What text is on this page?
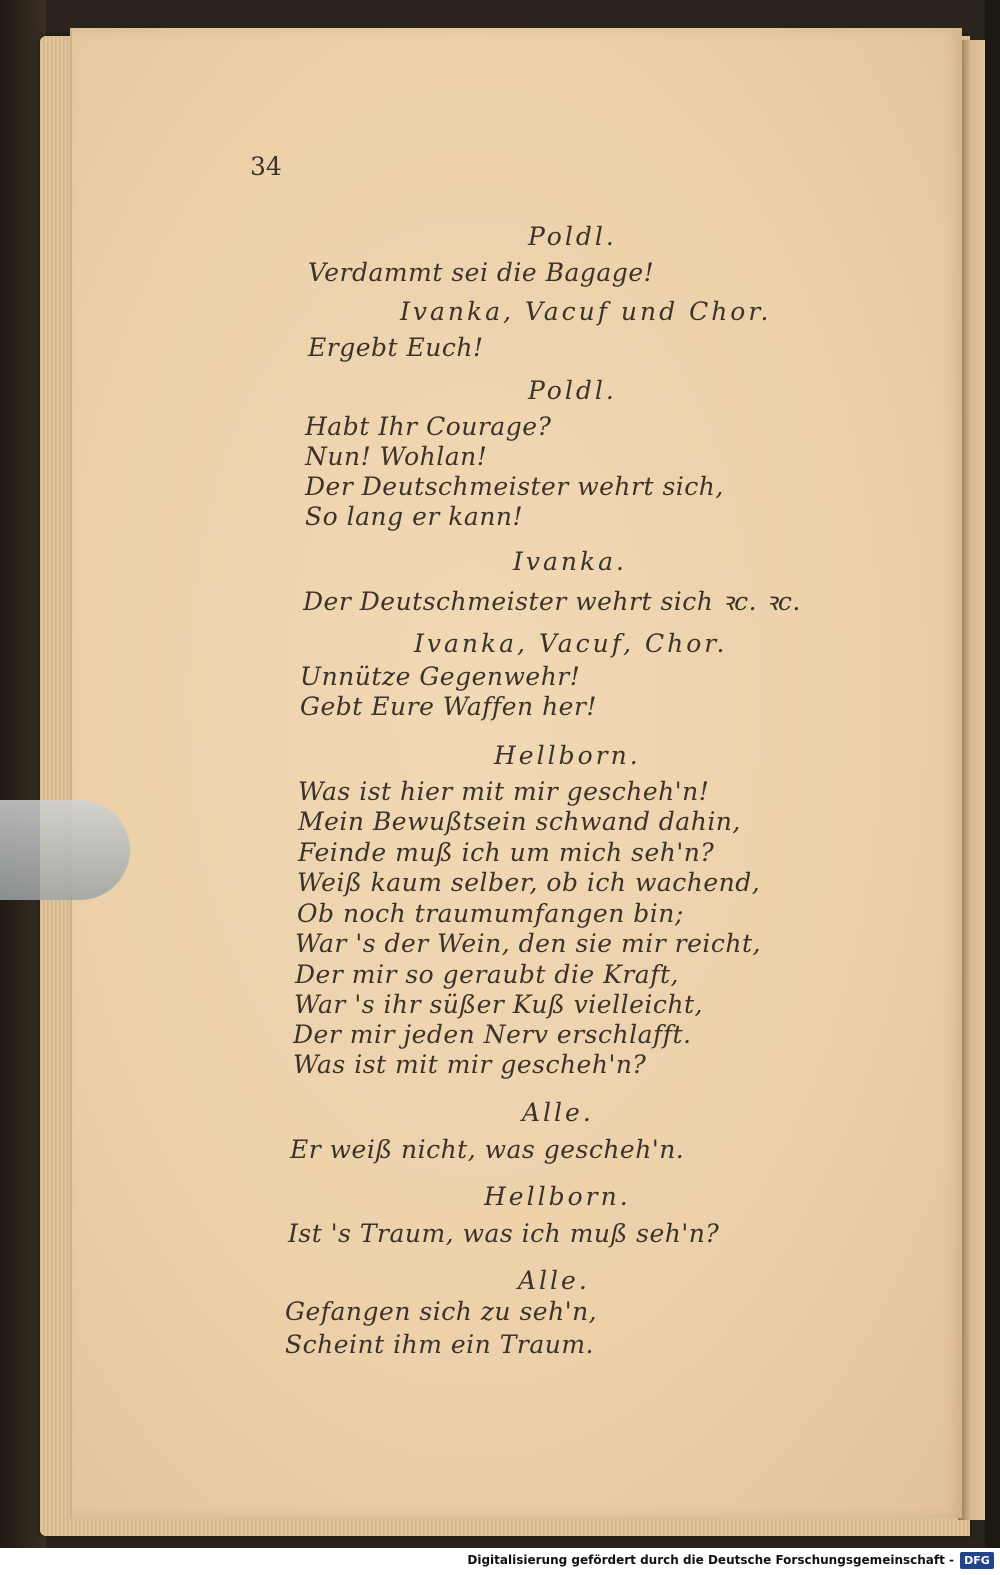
34
Poldl.
Verdammt sei die Bagage!
Ivanka, Vacuf und Chor.
Ergebt Euch!
Poldl.
Habt Ihr Courage?
Nun! Wohlan!
Der Deutschmeister wehrt sich,
So lang er kann!
Ivanka.
Der Deutschmeister wehrt sich ꝛc. ꝛc.
Ivanka, Vacuf, Chor.
Unnütze Gegenwehr!
Gebt Eure Waffen her!
Hellborn.
Was ist hier mit mir gescheh'n!
Mein Bewußtsein schwand dahin,
Feinde muß ich um mich seh'n?
Weiß kaum selber, ob ich wachend,
Ob noch traumumfangen bin;
War 's der Wein, den sie mir reicht,
Der mir so geraubt die Kraft,
War 's ihr süßer Kuß vielleicht,
Der mir jeden Nerv erschlafft.
Was ist mit mir gescheh'n?
Alle.
Er weiß nicht, was gescheh'n.
Hellborn.
Ist 's Traum, was ich muß seh'n?
Alle.
Gefangen sich zu seh'n,
Scheint ihm ein Traum.
Digitalisierung gefördert durch die Deutsche Forschungsgemeinschaft - DFG
